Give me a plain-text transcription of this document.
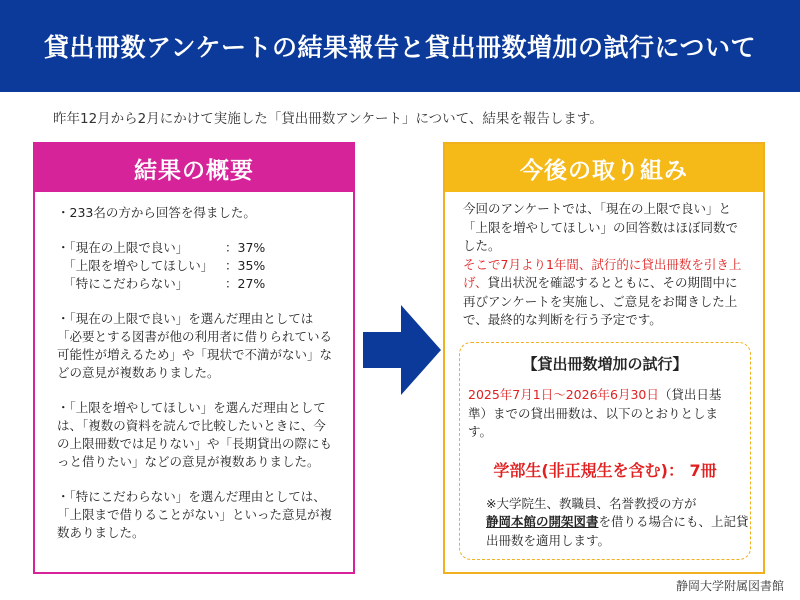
貸出冊数アンケートの結果報告と貸出冊数増加の試行について
昨年12月から2月にかけて実施した「貸出冊数アンケート」について、結果を報告します。
結果の概要
・233名の方から回答を得ました。
・「現在の上限で良い」	：37%
　「上限を増やしてほしい」 ：35%
　「特にこだわらない」	：27%
・「現在の上限で良い」を選んだ理由としては「必要とする図書が他の利用者に借りられている可能性が増えるため」や「現状で不満がない」などの意見が複数ありました。
・「上限を増やしてほしい」を選んだ理由としては、「複数の資料を読んで比較したいときに、今の上限冊数では足りない」や「長期貸出の際にもっと借りたい」などの意見が複数ありました。
・「特にこだわらない」を選んだ理由としては、「上限まで借りることがない」といった意見が複数ありました。
今後の取り組み
今回のアンケートでは、「現在の上限で良い」と「上限を増やしてほしい」の回答数はほぼ同数でした。
そこで7月より1年間、試行的に貸出冊数を引き上げ、貸出状況を確認するとともに、その期間中に再びアンケートを実施し、ご意見をお聞きした上で、最終的な判断を行う予定です。
【貸出冊数増加の試行】
2025年7月1日～2026年6月30日（貸出日基準）までの貸出冊数は、以下のとおりとします。
学部生(非正規生を含む)： 7冊
※大学院生、教職員、名誉教授の方が
静岡本館の開架図書を借りる場合にも、上記貸出冊数を適用します。
静岡大学附属図書館
